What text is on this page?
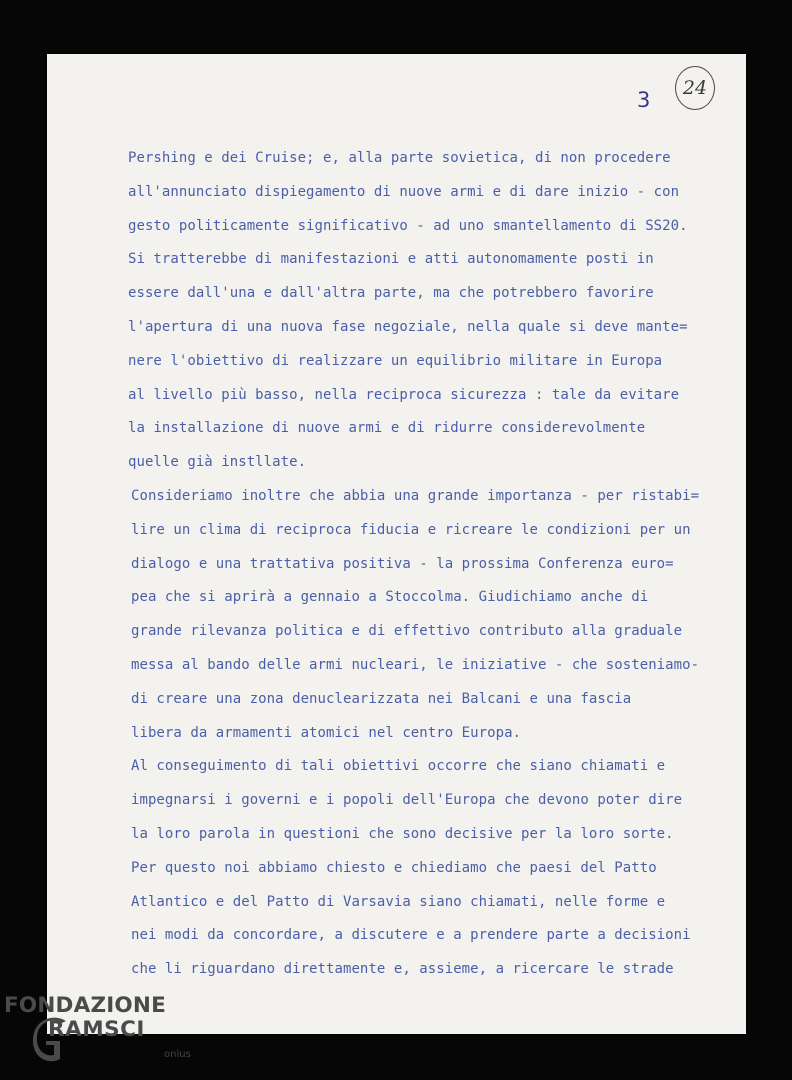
3 24
Pershing e dei Cruise; e, alla parte sovietica, di non procedere
all'annunciato dispiegamento di nuove armi e di dare inizio - con
gesto politicamente significativo - ad uno smantellamento di SS20.
Si tratterebbe di manifestazioni e atti autonomamente posti in
essere dall'una e dall'altra parte, ma che potrebbero favorire
l'apertura di una nuova fase negoziale, nella quale si deve mante=
nere l'obiettivo di realizzare un equilibrio militare in Europa
al livello più basso, nella reciproca sicurezza : tale da evitare
la installazione di nuove armi e di ridurre considerevolmente
quelle già instllate.
Consideriamo inoltre che abbia una grande importanza - per ristabi=
lire un clima di reciproca fiducia e ricreare le condizioni per un
dialogo e una trattativa positiva - la prossima Conferenza euro=
pea che si aprirà a gennaio a Stoccolma. Giudichiamo anche di
grande rilevanza politica e di effettivo contributo alla graduale
messa al bando delle armi nucleari, le iniziative - che sosteniamo-
di creare una zona denuclearizzata nei Balcani e una fascia
libera da armamenti atomici nel centro Europa.
Al conseguimento di tali obiettivi occorre che siano chiamati e
impegnarsi i governi e i popoli dell'Europa che devono poter dire
la loro parola in questioni che sono decisive per la loro sorte.
Per questo noi abbiamo chiesto e chiediamo che paesi del Patto
Atlantico e del Patto di Varsavia siano chiamati, nelle forme e
nei modi da concordare, a discutere e a prendere parte a decisioni
che li riguardano direttamente e, assieme, a ricercare le strade
FONDAZIONE
RAMSCI
onlus
